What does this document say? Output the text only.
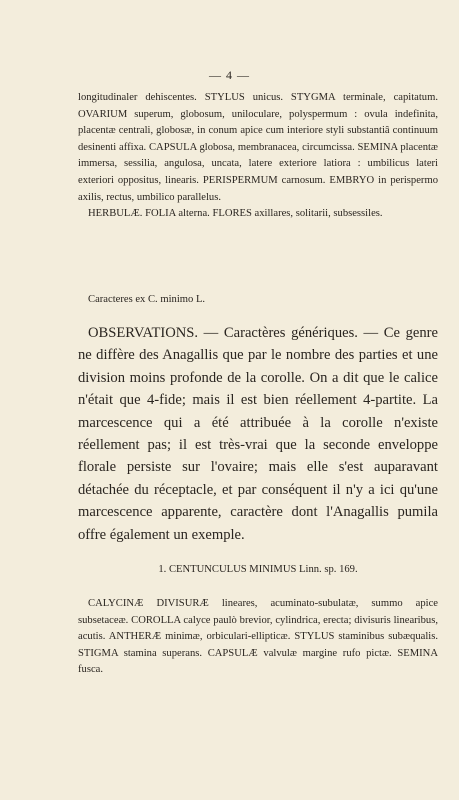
— 4 —

longitudinaler dehiscentes. STYLUS unicus. STYGMA terminale, capitatum. OVARIUM superum, globosum, uniloculare, polyspermum : ovula indefinita, placentæ centrali, globosæ, in conum apice cum interiore styli substantiâ continuum desinenti affixa. CAPSULA globosa, membranacea, circumcissa. SEMINA placentæ immersa, sessilia, angulosa, uncata, latere exteriore latiora : umbilicus lateri exteriori oppositus, linearis. PERISPERMUM carnosum. EMBRYO in perispermo axilis, rectus, umbilico parallelus.

HERBULÆ. FOLIA alterna. FLORES axillares, solitarii, subsessiles.

Caracteres ex C. minimo L.

OBSERVATIONS. — Caractères génériques. — Ce genre ne diffère des Anagallis que par le nombre des parties et une division moins profonde de la corolle. On a dit que le calice n'était que 4-fide; mais il est bien réellement 4-partite. La marcescence qui a été attribuée à la corolle n'existe réellement pas; il est très-vrai que la seconde enveloppe florale persiste sur l'ovaire; mais elle s'est auparavant détachée du réceptacle, et par conséquent il n'y a ici qu'une marcescence apparente, caractère dont l'Anagallis pumila offre également un exemple.

1. CENTUNCULUS MINIMUS Linn. sp. 169.

CALYCINÆ DIVISURÆ lineares, acuminato-subulatæ, summo apice subsetaceæ. COROLLA calyce paulò brevior, cylindrica, erecta; divisuris linearibus, acutis. ANTHERÆ minimæ, orbiculari-ellipticæ. STYLUS staminibus subæqualis. STIGMA stamina superans. CAPSULÆ valvulæ margine rufo pictæ. SEMINA fusca.
